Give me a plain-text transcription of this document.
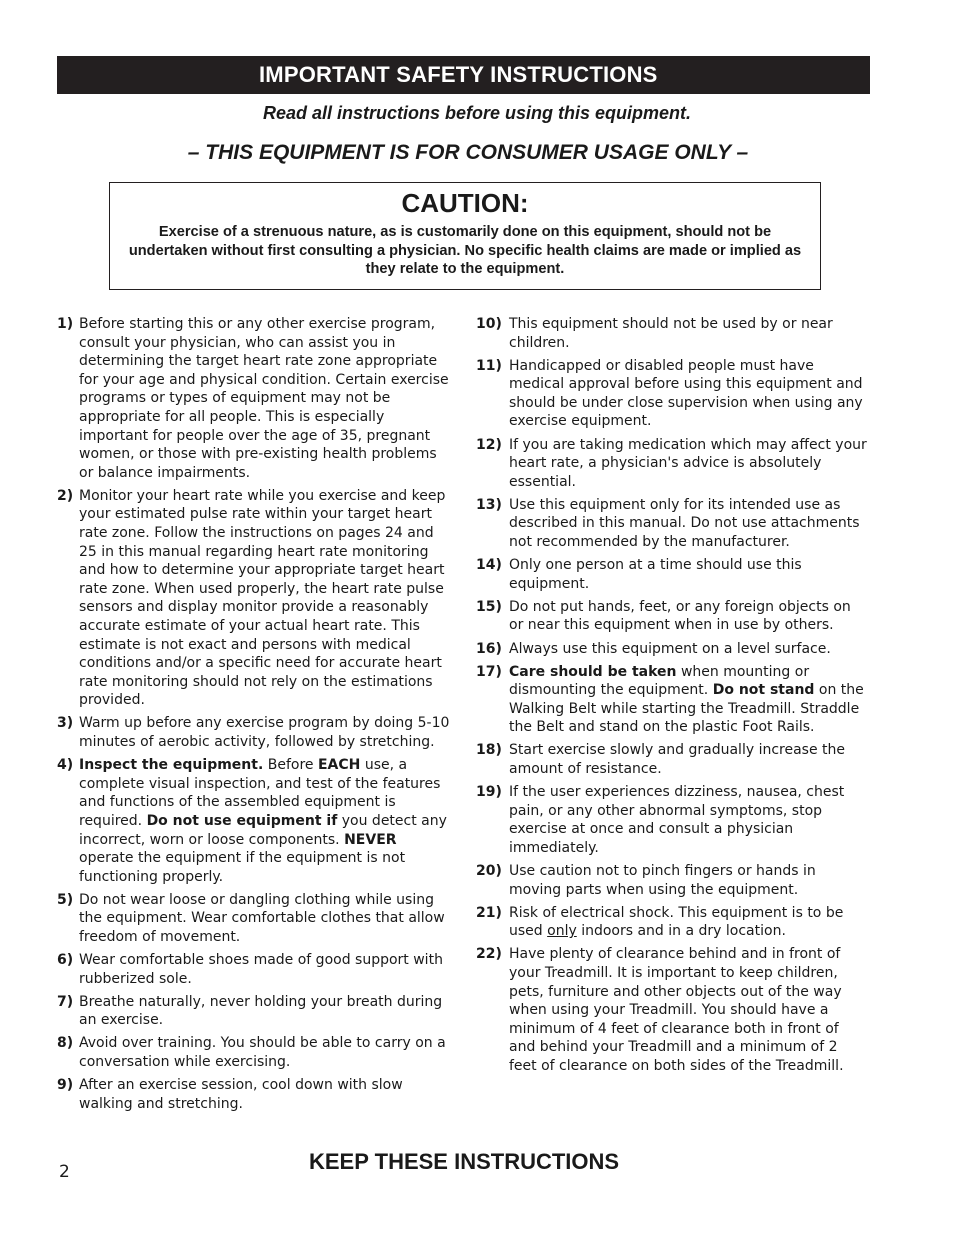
IMPORTANT SAFETY INSTRUCTIONS
Read all instructions before using this equipment.
– THIS EQUIPMENT IS FOR CONSUMER USAGE ONLY –
CAUTION:
Exercise of a strenuous nature, as is customarily done on this equipment, should not be undertaken without first consulting a physician. No specific health claims are made or implied as they relate to the equipment.
1) Before starting this or any other exercise program, consult your physician, who can assist you in determining the target heart rate zone appropriate for your age and physical condition. Certain exercise programs or types of equipment may not be appropriate for all people. This is especially important for people over the age of 35, pregnant women, or those with pre-existing health problems or balance impairments.
2) Monitor your heart rate while you exercise and keep your estimated pulse rate within your target heart rate zone. Follow the instructions on pages 24 and 25 in this manual regarding heart rate monitoring and how to determine your appropriate target heart rate zone. When used properly, the heart rate pulse sensors and display monitor provide a reasonably accurate estimate of your actual heart rate. This estimate is not exact and persons with medical conditions and/or a specific need for accurate heart rate monitoring should not rely on the estimations provided.
3) Warm up before any exercise program by doing 5-10 minutes of aerobic activity, followed by stretching.
4) Inspect the equipment. Before EACH use, a complete visual inspection, and test of the features and functions of the assembled equipment is required. Do not use equipment if you detect any incorrect, worn or loose components. NEVER operate the equipment if the equipment is not functioning properly.
5) Do not wear loose or dangling clothing while using the equipment. Wear comfortable clothes that allow freedom of movement.
6) Wear comfortable shoes made of good support with rubberized sole.
7) Breathe naturally, never holding your breath during an exercise.
8) Avoid over training. You should be able to carry on a conversation while exercising.
9) After an exercise session, cool down with slow walking and stretching.
10) This equipment should not be used by or near children.
11) Handicapped or disabled people must have medical approval before using this equipment and should be under close supervision when using any exercise equipment.
12) If you are taking medication which may affect your heart rate, a physician's advice is absolutely essential.
13) Use this equipment only for its intended use as described in this manual. Do not use attachments not recommended by the manufacturer.
14) Only one person at a time should use this equipment.
15) Do not put hands, feet, or any foreign objects on or near this equipment when in use by others.
16) Always use this equipment on a level surface.
17) Care should be taken when mounting or dismounting the equipment. Do not stand on the Walking Belt while starting the Treadmill. Straddle the Belt and stand on the plastic Foot Rails.
18) Start exercise slowly and gradually increase the amount of resistance.
19) If the user experiences dizziness, nausea, chest pain, or any other abnormal symptoms, stop exercise at once and consult a physician immediately.
20) Use caution not to pinch fingers or hands in moving parts when using the equipment.
21) Risk of electrical shock. This equipment is to be used only indoors and in a dry location.
22) Have plenty of clearance behind and in front of your Treadmill. It is important to keep children, pets, furniture and other objects out of the way when using your Treadmill. You should have a minimum of 4 feet of clearance both in front of and behind your Treadmill and a minimum of 2 feet of clearance on both sides of the Treadmill.
2	KEEP THESE INSTRUCTIONS
